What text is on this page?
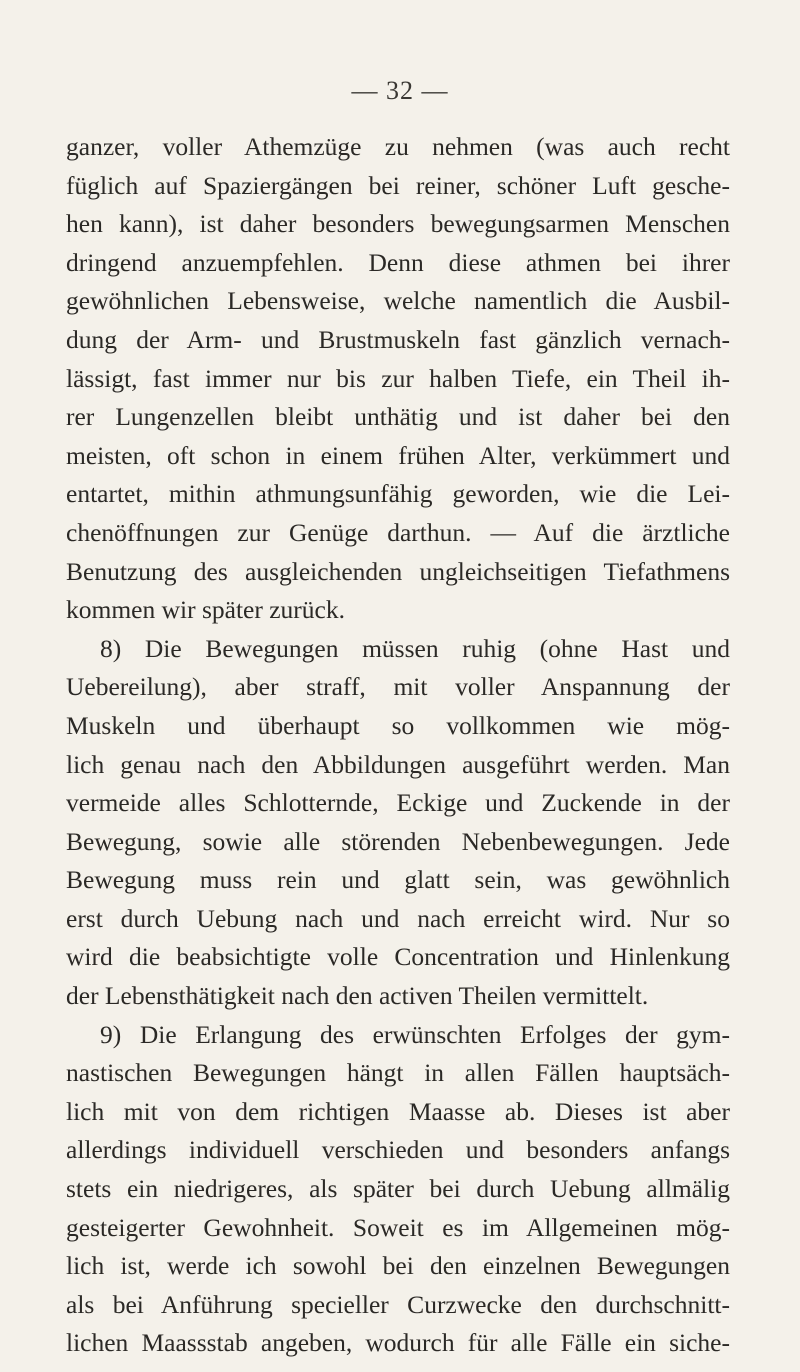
— 32 —
ganzer, voller Athemzüge zu nehmen (was auch recht
füglich auf Spaziergängen bei reiner, schöner Luft gesche-
hen kann), ist daher besonders bewegungsarmen Menschen
dringend anzuempfehlen. Denn diese athmen bei ihrer
gewöhnlichen Lebensweise, welche namentlich die Ausbil-
dung der Arm- und Brustmuskeln fast gänzlich vernach-
lässigt, fast immer nur bis zur halben Tiefe, ein Theil ih-
rer Lungenzellen bleibt unthätig und ist daher bei den
meisten, oft schon in einem frühen Alter, verkümmert und
entartet, mithin athmungsunfähig geworden, wie die Lei-
chenöffnungen zur Genüge darthun. — Auf die ärztliche
Benutzung des ausgleichenden ungleichseitigen Tiefathmens
kommen wir später zurück.
8) Die Bewegungen müssen ruhig (ohne Hast und
Uebereilung), aber straff, mit voller Anspannung der
Muskeln und überhaupt so vollkommen wie mög-
lich genau nach den Abbildungen ausgeführt werden. Man
vermeide alles Schlotternde, Eckige und Zuckende in der
Bewegung, sowie alle störenden Nebenbewegungen. Jede
Bewegung muss rein und glatt sein, was gewöhnlich
erst durch Uebung nach und nach erreicht wird. Nur so
wird die beabsichtigte volle Concentration und Hinlenkung
der Lebensthätigkeit nach den activen Theilen vermittelt.
9) Die Erlangung des erwünschten Erfolges der gym-
nastischen Bewegungen hängt in allen Fällen hauptsäch-
lich mit von dem richtigen Maasse ab. Dieses ist aber
allerdings individuell verschieden und besonders anfangs
stets ein niedrigeres, als später bei durch Uebung allmälig
gesteigerter Gewohnheit. Soweit es im Allgemeinen mög-
lich ist, werde ich sowohl bei den einzelnen Bewegungen
als bei Anführung specieller Curzwecke den durchschnitt-
lichen Maassstab angeben, wodurch für alle Fälle ein siche-
